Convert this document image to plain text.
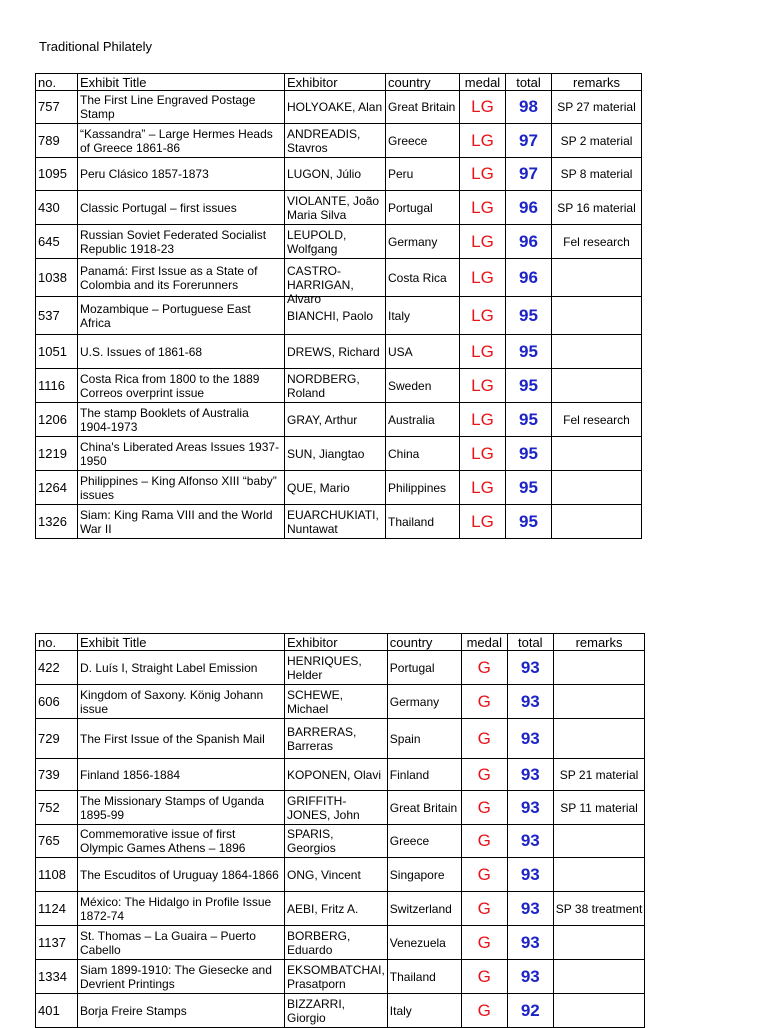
Traditional Philately
no.	Exhibit Title	Exhibitor	country	medal	total	remarks
757	The First Line Engraved Postage Stamp	HOLYOAKE, Alan	Great Britain	LG	98	SP 27 material
789	“Kassandra” – Large Hermes Heads of Greece 1861-86	ANDREADIS, Stavros	Greece	LG	97	SP 2 material
1095	Peru Clásico 1857-1873	LUGON, Júlio	Peru	LG	97	SP 8 material
430	Classic Portugal – first issues	VIOLANTE, João Maria Silva	Portugal	LG	96	SP 16 material
645	Russian Soviet Federated Socialist Republic 1918-23	LEUPOLD, Wolfgang	Germany	LG	96	Fel research
1038	Panamá: First Issue as a State of Colombia and its Forerunners	CASTRO-HARRIGAN, Alvaro	Costa Rica	LG	96	
537	Mozambique – Portuguese East Africa	BIANCHI, Paolo	Italy	LG	95	
1051	U.S. Issues of 1861-68	DREWS, Richard	USA	LG	95	
1116	Costa Rica from 1800 to the 1889 Correos overprint issue	NORDBERG, Roland	Sweden	LG	95	
1206	The stamp Booklets of Australia 1904-1973	GRAY, Arthur	Australia	LG	95	Fel research
1219	China's Liberated Areas Issues 1937-1950	SUN, Jiangtao	China	LG	95	
1264	Philippines – King Alfonso XIII “baby” issues	QUE, Mario	Philippines	LG	95	
1326	Siam: King Rama VIII and the World War II	EUARCHUKIATI, Nuntawat	Thailand	LG	95	
no.	Exhibit Title	Exhibitor	country	medal	total	remarks
422	D. Luís I, Straight Label Emission	HENRIQUES, Helder	Portugal	G	93	
606	Kingdom of Saxony. König Johann issue	SCHEWE, Michael	Germany	G	93	
729	The First Issue of the Spanish Mail	BARRERAS, Barreras	Spain	G	93	
739	Finland 1856-1884	KOPONEN, Olavi	Finland	G	93	SP 21 material
752	The Missionary Stamps of Uganda 1895-99	GRIFFITH-JONES, John	Great Britain	G	93	SP 11 material
765	Commemorative issue of first Olympic Games Athens – 1896	SPARIS, Georgios	Greece	G	93	
1108	The Escuditos of Uruguay 1864-1866	ONG, Vincent	Singapore	G	93	
1124	México: The Hidalgo in Profile Issue 1872-74	AEBI, Fritz A.	Switzerland	G	93	SP 38 treatment
1137	St. Thomas – La Guaira – Puerto Cabello	BORBERG, Eduardo	Venezuela	G	93	
1334	Siam 1899-1910: The Giesecke and Devrient Printings	EKSOMBATCHAI, Prasatporn	Thailand	G	93	
401	Borja Freire Stamps	BIZZARRI, Giorgio	Italy	G	92	
